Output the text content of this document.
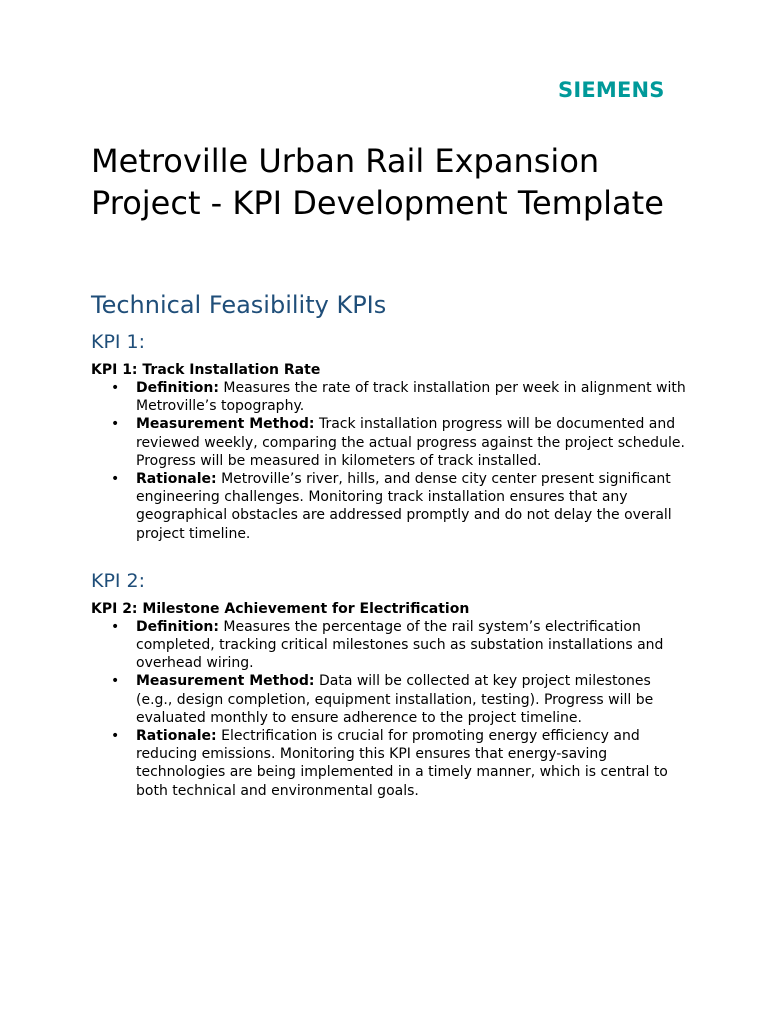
SIEMENS
Metroville Urban Rail Expansion Project - KPI Development Template
Technical Feasibility KPIs
KPI 1:
KPI 1: Track Installation Rate
• Definition: Measures the rate of track installation per week in alignment with Metroville’s topography.
• Measurement Method: Track installation progress will be documented and reviewed weekly, comparing the actual progress against the project schedule. Progress will be measured in kilometers of track installed.
• Rationale: Metroville’s river, hills, and dense city center present significant engineering challenges. Monitoring track installation ensures that any geographical obstacles are addressed promptly and do not delay the overall project timeline.
KPI 2:
KPI 2: Milestone Achievement for Electrification
• Definition: Measures the percentage of the rail system’s electrification completed, tracking critical milestones such as substation installations and overhead wiring.
• Measurement Method: Data will be collected at key project milestones (e.g., design completion, equipment installation, testing). Progress will be evaluated monthly to ensure adherence to the project timeline.
• Rationale: Electrification is crucial for promoting energy efficiency and reducing emissions. Monitoring this KPI ensures that energy-saving technologies are being implemented in a timely manner, which is central to both technical and environmental goals.
